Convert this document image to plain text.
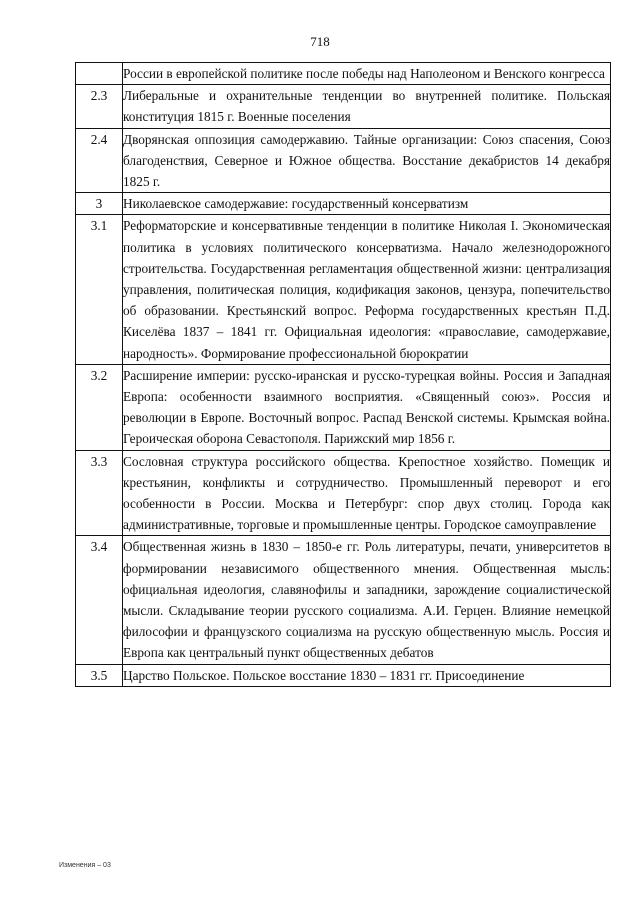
718
	России в европейской политике после победы над Наполеоном и Венского конгресса
2.3	Либеральные и охранительные тенденции во внутренней политике. Польская конституция 1815 г. Военные поселения
2.4	Дворянская оппозиция самодержавию. Тайные организации: Союз спасения, Союз благоденствия, Северное и Южное общества. Восстание декабристов 14 декабря 1825 г.
3	Николаевское самодержавие: государственный консерватизм
3.1	Реформаторские и консервативные тенденции в политике Николая I. Экономическая политика в условиях политического консерватизма. Начало железнодорожного строительства. Государственная регламентация общественной жизни: централизация управления, политическая полиция, кодификация законов, цензура, попечительство об образовании. Крестьянский вопрос. Реформа государственных крестьян П.Д. Киселёва 1837 – 1841 гг. Официальная идеология: «православие, самодержавие, народность». Формирование профессиональной бюрократии
3.2	Расширение империи: русско-иранская и русско-турецкая войны. Россия и Западная Европа: особенности взаимного восприятия. «Священный союз». Россия и революции в Европе. Восточный вопрос. Распад Венской системы. Крымская война. Героическая оборона Севастополя. Парижский мир 1856 г.
3.3	Сословная структура российского общества. Крепостное хозяйство. Помещик и крестьянин, конфликты и сотрудничество. Промышленный переворот и его особенности в России. Москва и Петербург: спор двух столиц. Города как административные, торговые и промышленные центры. Городское самоуправление
3.4	Общественная жизнь в 1830 – 1850-е гг. Роль литературы, печати, университетов в формировании независимого общественного мнения. Общественная мысль: официальная идеология, славянофилы и западники, зарождение социалистической мысли. Складывание теории русского социализма. А.И. Герцен. Влияние немецкой философии и французского социализма на русскую общественную мысль. Россия и Европа как центральный пункт общественных дебатов
3.5	Царство Польское. Польское восстание 1830 – 1831 гг. Присоединение
Изменения – 03
